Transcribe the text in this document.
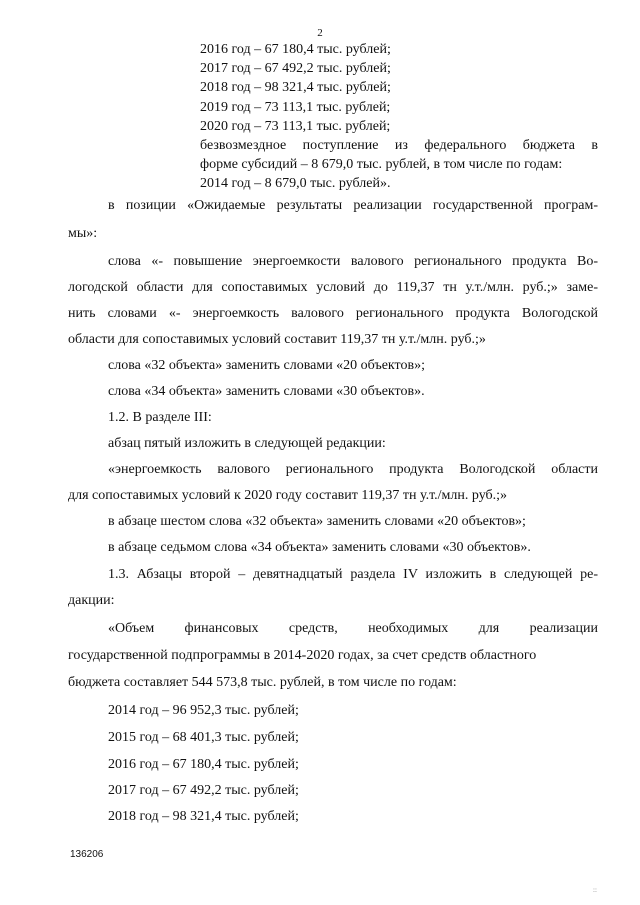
2
2016 год – 67 180,4 тыс. рублей;
2017 год – 67 492,2 тыс. рублей;
2018 год – 98 321,4 тыс. рублей;
2019 год – 73 113,1 тыс. рублей;
2020 год – 73 113,1 тыс. рублей;
безвозмездное поступление из федерального бюджета в
форме субсидий – 8 679,0 тыс. рублей, в том числе по годам:
2014 год – 8 679,0 тыс. рублей».
в позиции «Ожидаемые результаты реализации государственной програм-
мы»:
слова «- повышение энергоемкости валового регионального продукта Во-
логодской области для сопоставимых условий до 119,37 тн у.т./млн. руб.;» заме-
нить словами «- энергоемкость валового регионального продукта Вологодской
области для сопоставимых условий составит 119,37 тн у.т./млн. руб.;»
слова «32 объекта» заменить словами «20 объектов»;
слова «34 объекта» заменить словами «30 объектов».
1.2. В разделе III:
абзац пятый изложить в следующей редакции:
«энергоемкость валового регионального продукта Вологодской области
для сопоставимых условий к 2020 году составит 119,37 тн у.т./млн. руб.;»
в абзаце шестом слова «32 объекта» заменить словами «20 объектов»;
в абзаце седьмом слова «34 объекта» заменить словами «30 объектов».
1.3. Абзацы второй – девятнадцатый раздела IV изложить в следующей ре-
дакции:
«Объем финансовых средств, необходимых для реализации
государственной подпрограммы в 2014-2020 годах, за счет средств областного
бюджета составляет 544 573,8 тыс. рублей, в том числе по годам:
2014 год – 96 952,3 тыс. рублей;
2015 год – 68 401,3 тыс. рублей;
2016 год – 67 180,4 тыс. рублей;
2017 год – 67 492,2 тыс. рублей;
2018 год – 98 321,4 тыс. рублей;
136206
::
